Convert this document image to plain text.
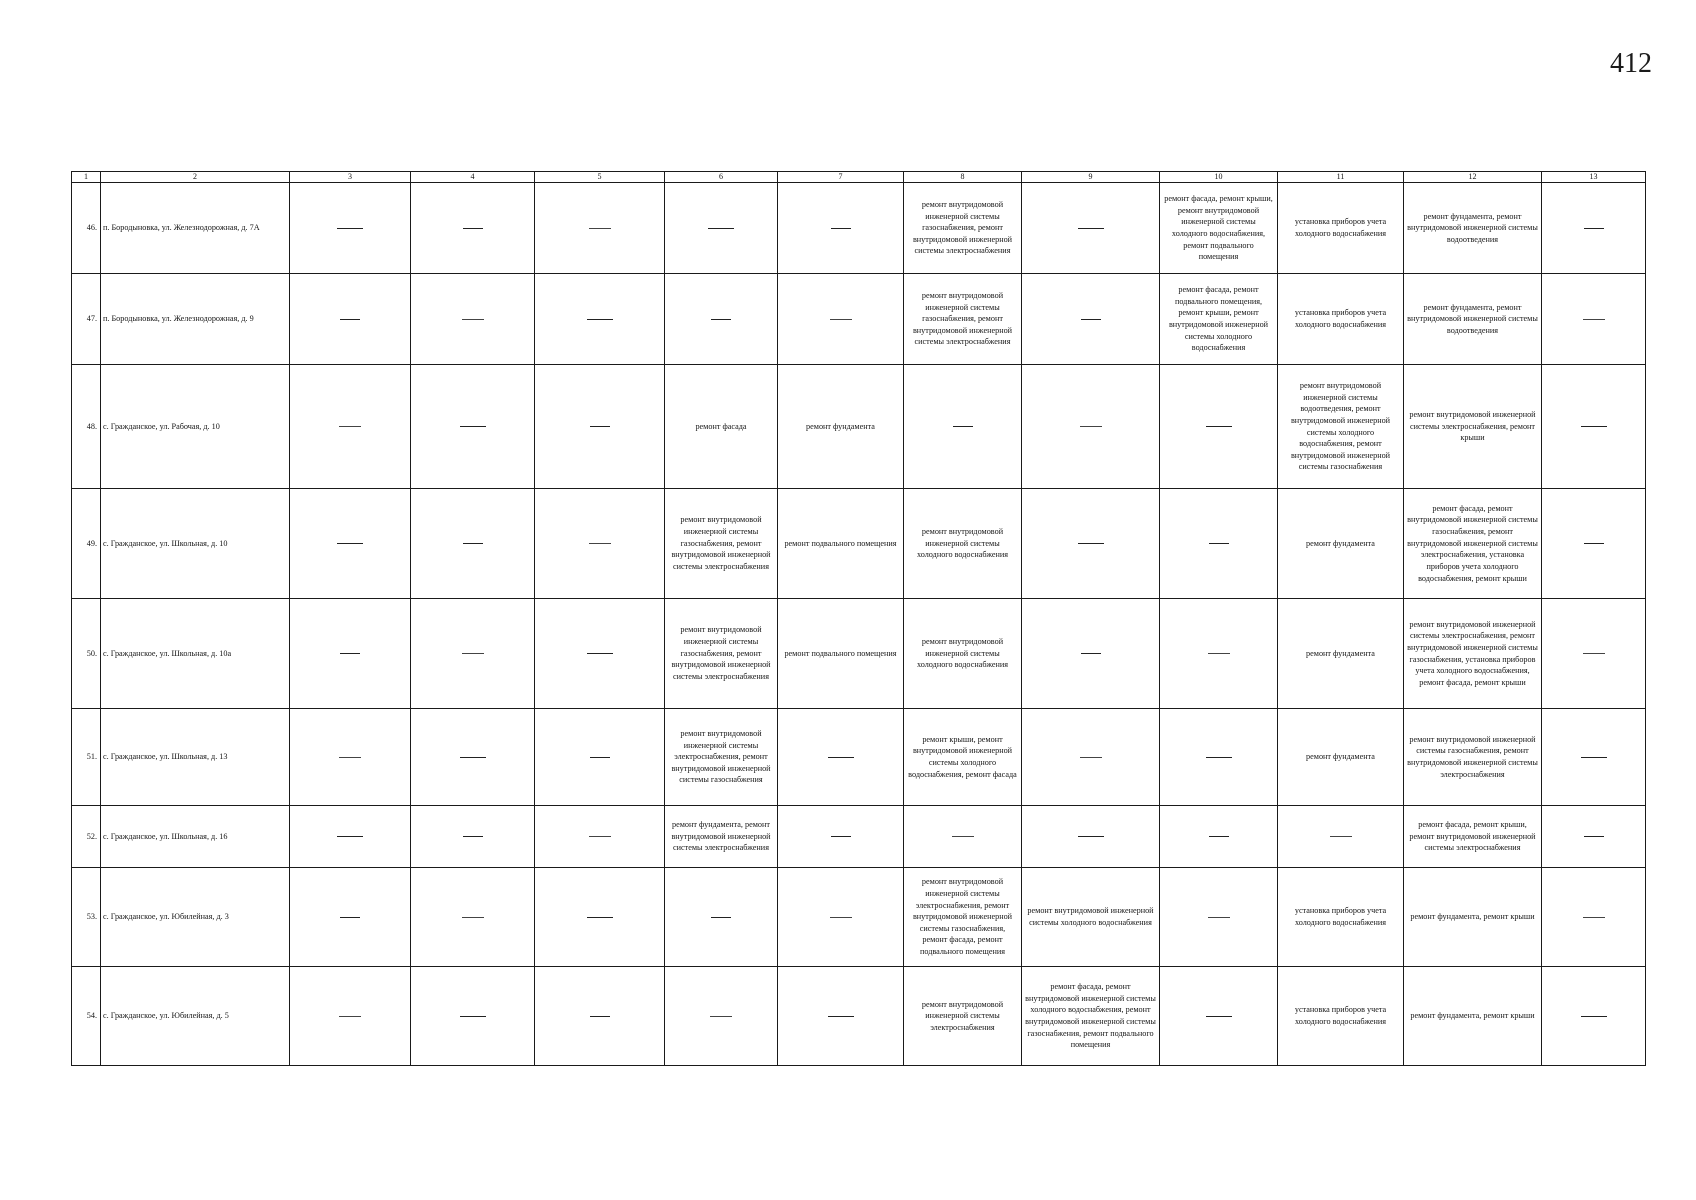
412
1	2	3	4	5	6	7	8	9	10	11	12	13
46.	п. Бородыновка, ул. Железнодорожная, д. 7А						ремонт внутридомовой инженерной системы газоснабжения, ремонт внутридомовой инженерной системы электроснабжения		ремонт фасада, ремонт крыши, ремонт внутридомовой инженерной системы холодного водоснабжения, ремонт подвального помещения	установка приборов учета холодного водоснабжения	ремонт фундамента, ремонт внутридомовой инженерной системы водоотведения	
47.	п. Бородыновка, ул. Железнодорожная, д. 9						ремонт внутридомовой инженерной системы газоснабжения, ремонт внутридомовой инженерной системы электроснабжения		ремонт фасада, ремонт подвального помещения, ремонт крыши, ремонт внутридомовой инженерной системы холодного водоснабжения	установка приборов учета холодного водоснабжения	ремонт фундамента, ремонт внутридомовой инженерной системы водоотведения	
48.	с. Гражданское, ул. Рабочая, д. 10				ремонт фасада	ремонт фундамента				ремонт внутридомовой инженерной системы водоотведения, ремонт внутридомовой инженерной системы холодного водоснабжения, ремонт внутридомовой инженерной системы газоснабжения	ремонт внутридомовой инженерной системы электроснабжения, ремонт крыши	
49.	с. Гражданское, ул. Школьная, д. 10				ремонт внутридомовой инженерной системы газоснабжения, ремонт внутридомовой инженерной системы электроснабжения	ремонт подвального помещения	ремонт внутридомовой инженерной системы холодного водоснабжения			ремонт фундамента	ремонт фасада, ремонт внутридомовой инженерной системы газоснабжения, ремонт внутридомовой инженерной системы электроснабжения, установка приборов учета холодного водоснабжения, ремонт крыши	
50.	с. Гражданское, ул. Школьная, д. 10а				ремонт внутридомовой инженерной системы газоснабжения, ремонт внутридомовой инженерной системы электроснабжения	ремонт подвального помещения	ремонт внутридомовой инженерной системы холодного водоснабжения			ремонт фундамента	ремонт внутридомовой инженерной системы электроснабжения, ремонт внутридомовой инженерной системы газоснабжения, установка приборов учета холодного водоснабжения, ремонт фасада, ремонт крыши	
51.	с. Гражданское, ул. Школьная, д. 13				ремонт внутридомовой инженерной системы электроснабжения, ремонт внутридомовой инженерной системы газоснабжения		ремонт крыши, ремонт внутридомовой инженерной системы холодного водоснабжения, ремонт фасада			ремонт фундамента	ремонт внутридомовой инженерной системы газоснабжения, ремонт внутридомовой инженерной системы электроснабжения	
52.	с. Гражданское, ул. Школьная, д. 16				ремонт фундамента, ремонт внутридомовой инженерной системы электроснабжения						ремонт фасада, ремонт крыши, ремонт внутридомовой инженерной системы электроснабжения	
53.	с. Гражданское, ул. Юбилейная, д. 3						ремонт внутридомовой инженерной системы электроснабжения, ремонт внутридомовой инженерной системы газоснабжения, ремонт фасада, ремонт подвального помещения	ремонт внутридомовой инженерной системы холодного водоснабжения		установка приборов учета холодного водоснабжения	ремонт фундамента, ремонт крыши	
54.	с. Гражданское, ул. Юбилейная, д. 5						ремонт внутридомовой инженерной системы электроснабжения	ремонт фасада, ремонт внутридомовой инженерной системы холодного водоснабжения, ремонт внутридомовой инженерной системы газоснабжения, ремонт подвального помещения		установка приборов учета холодного водоснабжения	ремонт фундамента, ремонт крыши	
